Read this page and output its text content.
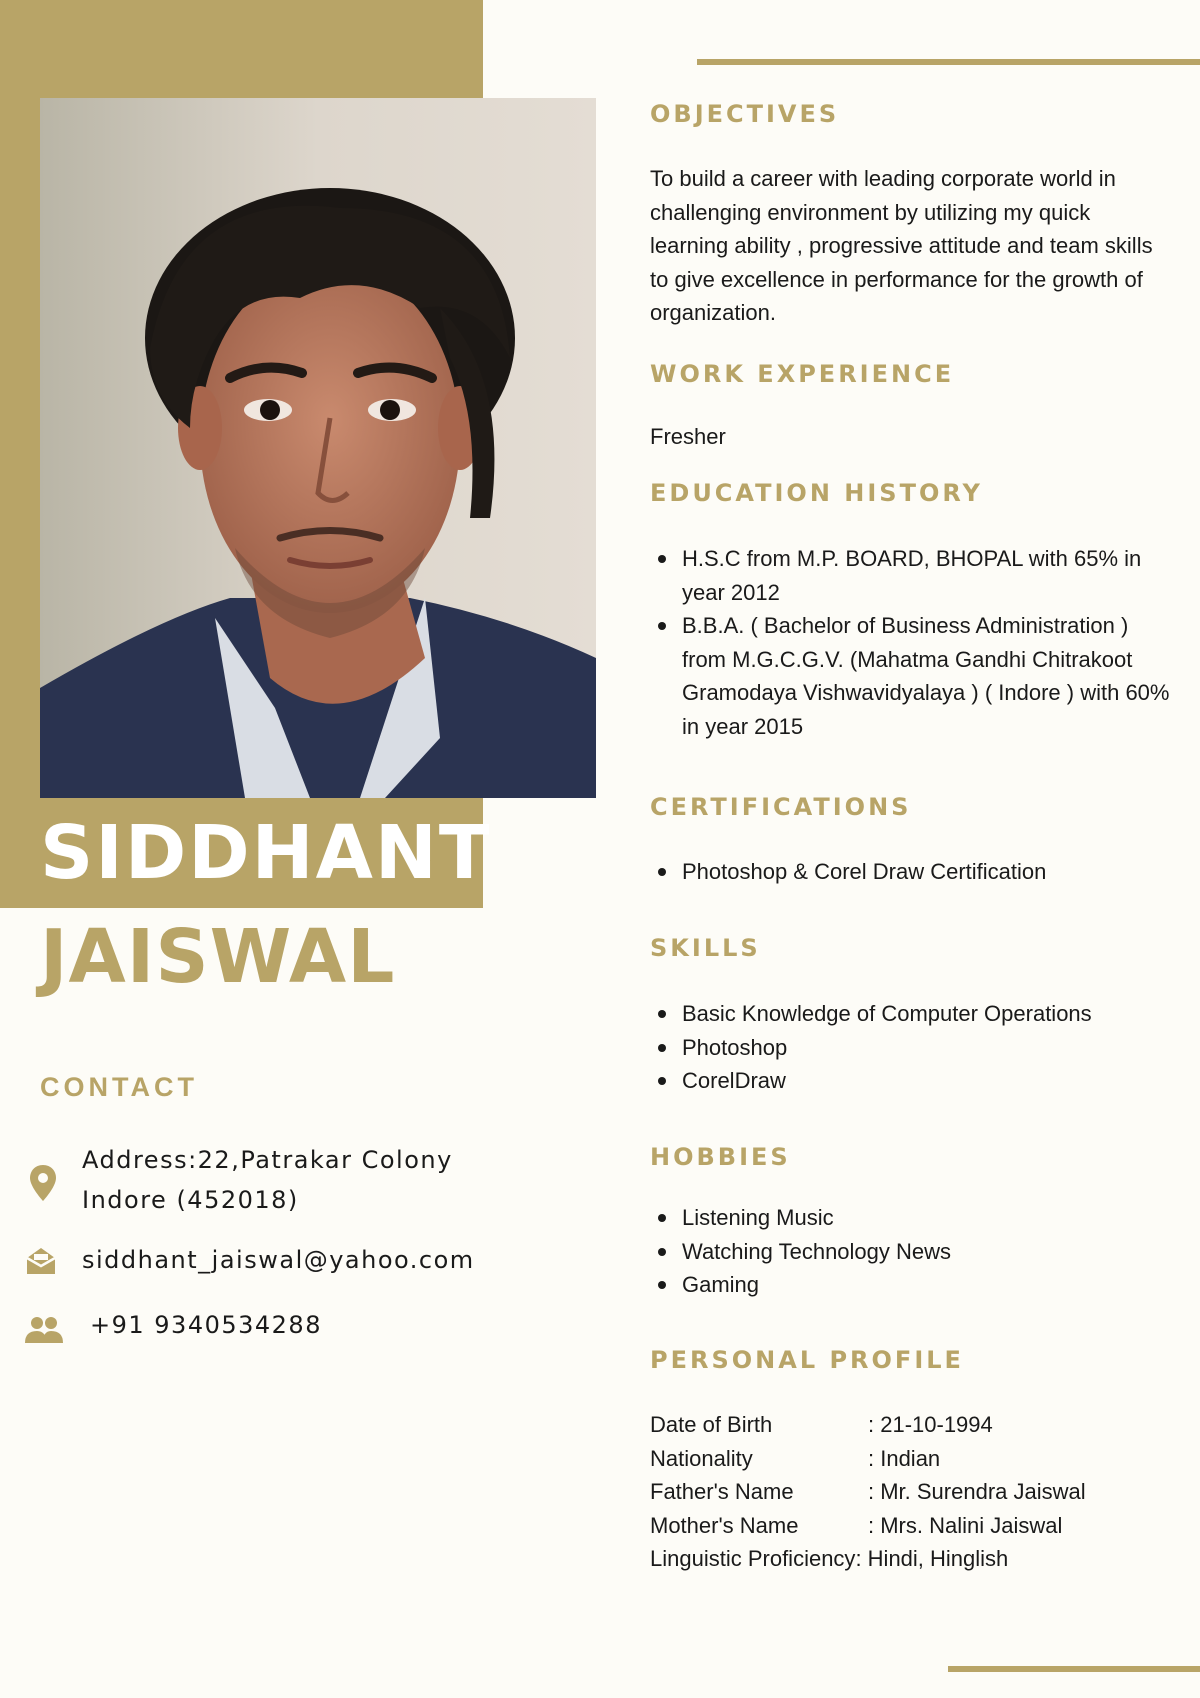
SIDDHANT
JAISWAL
CONTACT
Address:22,Patrakar Colony
Indore (452018)
siddhant_jaiswal@yahoo.com
+91 9340534288
OBJECTIVES
To build a career with leading corporate world in challenging environment by utilizing my quick learning ability , progressive attitude and team skills to give excellence in performance for the growth of organization.
WORK EXPERIENCE
Fresher
EDUCATION HISTORY
H.S.C from M.P. BOARD, BHOPAL with 65% in year 2012
B.B.A. ( Bachelor of Business Administration ) from M.G.C.G.V. (Mahatma Gandhi Chitrakoot Gramodaya Vishwavidyalaya ) ( Indore ) with 60% in year 2015
CERTIFICATIONS
Photoshop & Corel Draw Certification
SKILLS
Basic Knowledge of Computer Operations
Photoshop
CorelDraw
HOBBIES
Listening Music
Watching Technology News
Gaming
PERSONAL PROFILE
Date of Birth	: 21-10-1994
Nationality	: Indian
Father's Name	: Mr. Surendra Jaiswal
Mother's Name	: Mrs. Nalini Jaiswal
Linguistic Proficiency : Hindi, Hinglish
